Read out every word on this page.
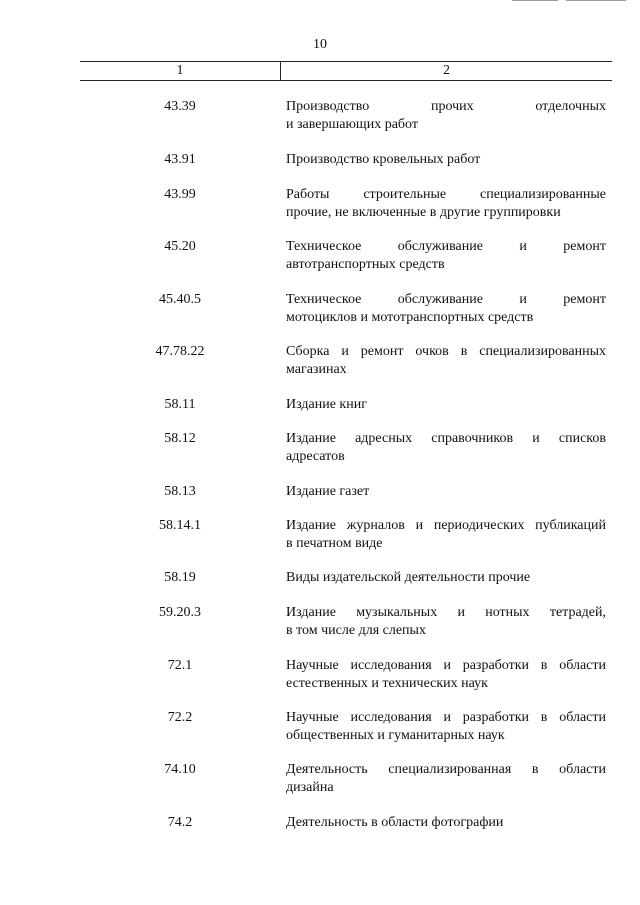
10
1	2
43.39	Производство прочих отделочных
и завершающих работ
43.91	Производство кровельных работ
43.99	Работы строительные специализированные
прочие, не включенные в другие группировки
45.20	Техническое обслуживание и ремонт
автотранспортных средств
45.40.5	Техническое обслуживание и ремонт
мотоциклов и мототранспортных средств
47.78.22	Сборка и ремонт очков в специализированных
магазинах
58.11	Издание книг
58.12	Издание адресных справочников и списков
адресатов
58.13	Издание газет
58.14.1	Издание журналов и периодических публикаций
в печатном виде
58.19	Виды издательской деятельности прочие
59.20.3	Издание музыкальных и нотных тетрадей,
в том числе для слепых
72.1	Научные исследования и разработки в области
естественных и технических наук
72.2	Научные исследования и разработки в области
общественных и гуманитарных наук
74.10	Деятельность специализированная в области
дизайна
74.2	Деятельность в области фотографии
